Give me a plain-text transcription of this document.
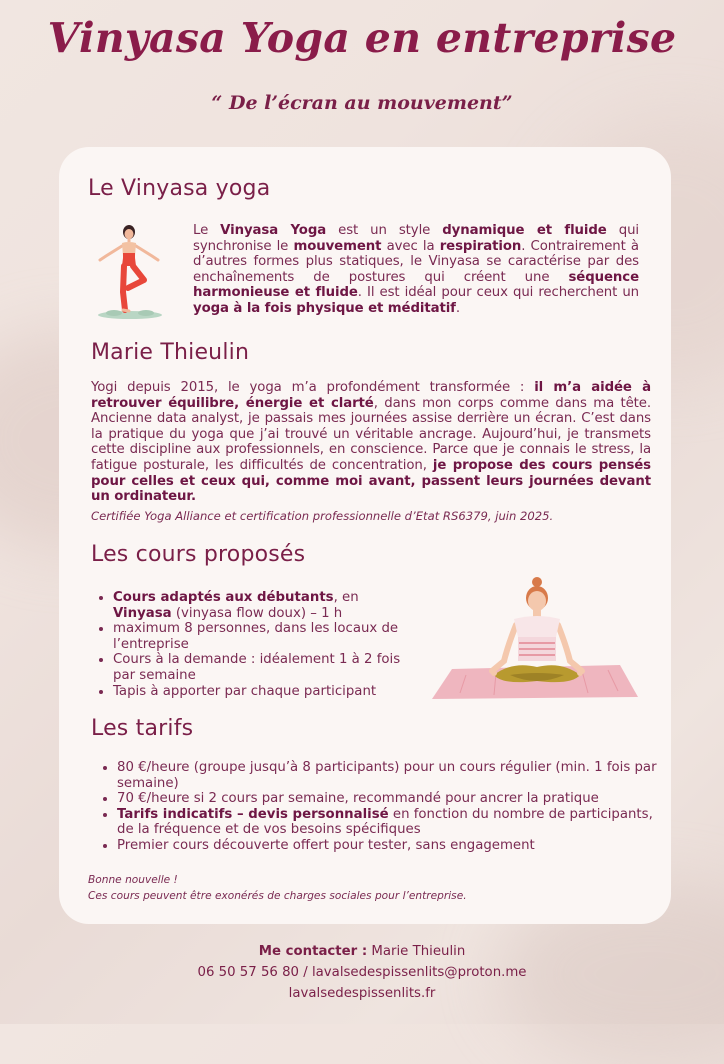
Vinyasa Yoga en entreprise
“ De l’écran au mouvement”
Le Vinyasa yoga
Le Vinyasa Yoga est un style dynamique et fluide qui synchronise le mouvement avec la respiration. Contrairement à d’autres formes plus statiques, le Vinyasa se caractérise par des enchaînements de postures qui créent une séquence harmonieuse et fluide. Il est idéal pour ceux qui recherchent un yoga à la fois physique et méditatif.
Marie Thieulin
Yogi depuis 2015, le yoga m’a profondément transformée : il m’a aidée à retrouver équilibre, énergie et clarté, dans mon corps comme dans ma tête. Ancienne data analyst, je passais mes journées assise derrière un écran. C’est dans la pratique du yoga que j’ai trouvé un véritable ancrage. Aujourd’hui, je transmets cette discipline aux professionnels, en conscience. Parce que je connais le stress, la fatigue posturale, les difficultés de concentration, je propose des cours pensés pour celles et ceux qui, comme moi avant, passent leurs journées devant un ordinateur.
Certifiée Yoga Alliance et certification professionnelle d’Etat RS6379, juin 2025.
Les cours proposés
• Cours adaptés aux débutants, en Vinyasa (vinyasa flow doux) – 1 h
• maximum 8 personnes, dans les locaux de l’entreprise
• Cours à la demande : idéalement 1 à 2 fois par semaine
• Tapis à apporter par chaque participant
Les tarifs
• 80 €/heure (groupe jusqu’à 8 participants) pour un cours régulier (min. 1 fois par semaine)
• 70 €/heure si 2 cours par semaine, recommandé pour ancrer la pratique
• Tarifs indicatifs – devis personnalisé en fonction du nombre de participants, de la fréquence et de vos besoins spécifiques
• Premier cours découverte offert pour tester, sans engagement
Bonne nouvelle !
Ces cours peuvent être exonérés de charges sociales pour l’entreprise.
Me contacter : Marie Thieulin
06 50 57 56 80 / lavalsedespissenlits@proton.me
lavalsedespissenlits.fr
